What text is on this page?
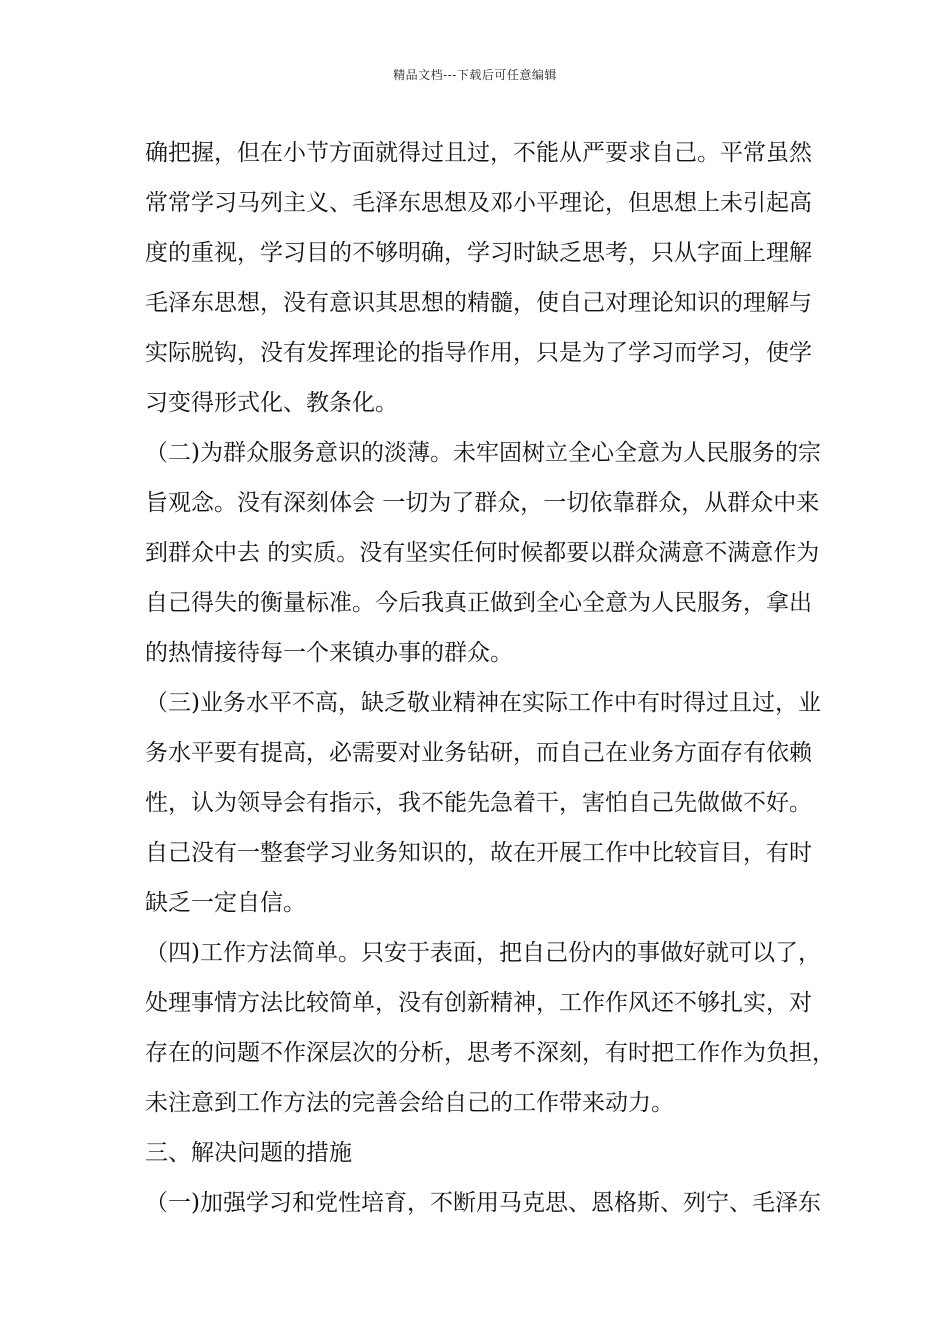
精品文档---下载后可任意编辑
确把握，但在小节方面就得过且过，不能从严要求自己。平常虽然
常常学习马列主义、毛泽东思想及邓小平理论，但思想上未引起高
度的重视，学习目的不够明确，学习时缺乏思考，只从字面上理解
毛泽东思想，没有意识其思想的精髓，使自己对理论知识的理解与
实际脱钩，没有发挥理论的指导作用，只是为了学习而学习，使学
习变得形式化、教条化。
（二)为群众服务意识的淡薄。未牢固树立全心全意为人民服务的宗
旨观念。没有深刻体会 一切为了群众，一切依靠群众，从群众中来
到群众中去 的实质。没有坚实任何时候都要以群众满意不满意作为
自己得失的衡量标准。今后我真正做到全心全意为人民服务，拿出
的热情接待每一个来镇办事的群众。
（三)业务水平不高，缺乏敬业精神在实际工作中有时得过且过，业
务水平要有提高，必需要对业务钻研，而自己在业务方面存有依赖
性，认为领导会有指示，我不能先急着干，害怕自己先做做不好。
自己没有一整套学习业务知识的，故在开展工作中比较盲目，有时
缺乏一定自信。
（四)工作方法简单。只安于表面，把自己份内的事做好就可以了，
处理事情方法比较简单，没有创新精神，工作作风还不够扎实，对
存在的问题不作深层次的分析，思考不深刻，有时把工作作为负担，
未注意到工作方法的完善会给自己的工作带来动力。
三、解决问题的措施
（一)加强学习和党性培育，不断用马克思、恩格斯、列宁、毛泽东
